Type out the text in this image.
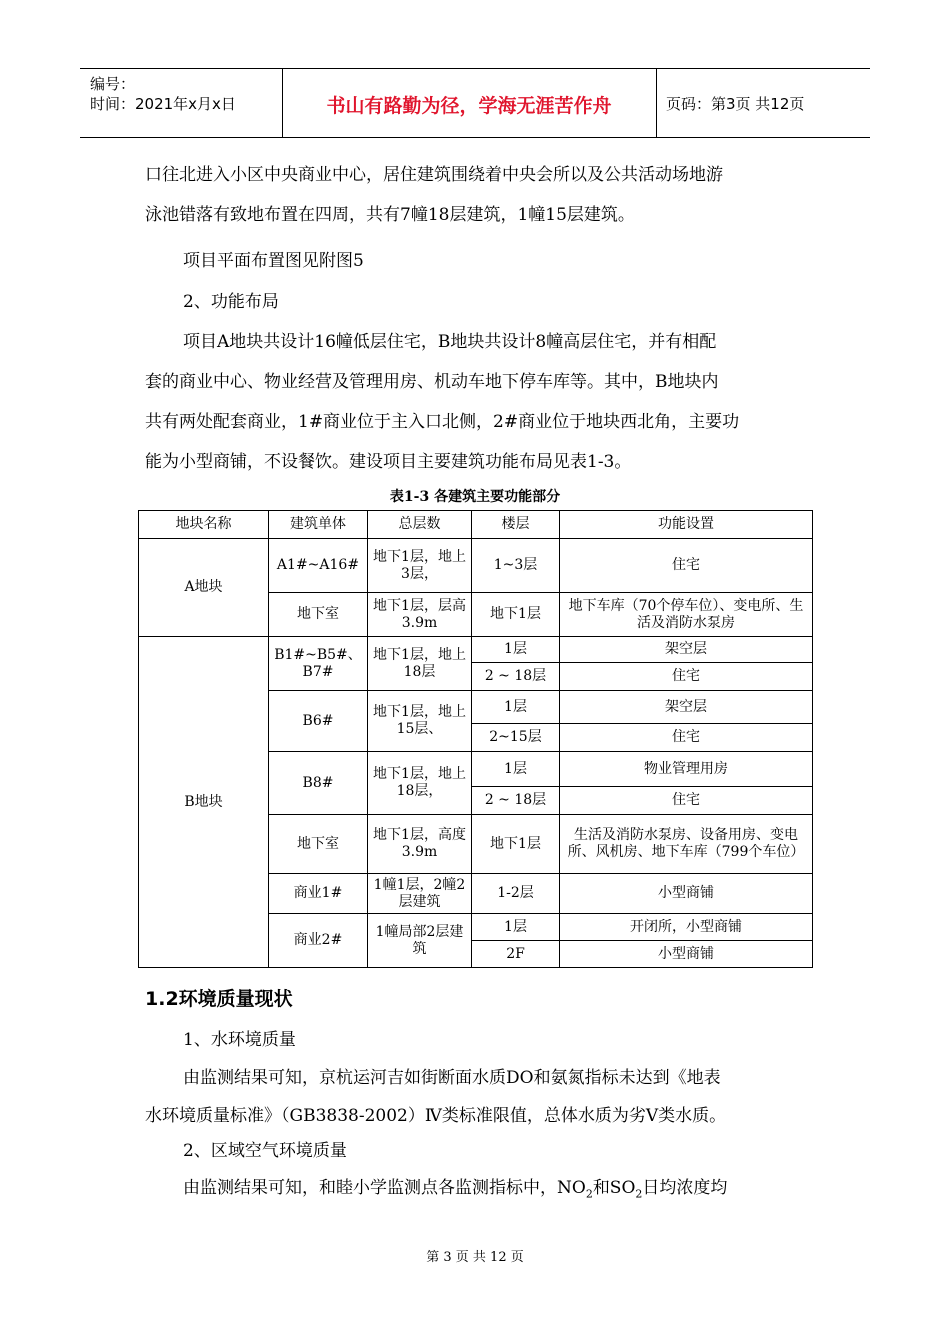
编号：
时间：2021年x月x日	书山有路勤为径，学海无涯苦作舟	页码：第3页 共12页
口往北进入小区中央商业中心，居住建筑围绕着中央会所以及公共活动场地游
泳池错落有致地布置在四周，共有7幢18层建筑，1幢15层建筑。
项目平面布置图见附图5
2、功能布局
项目A地块共设计16幢低层住宅，B地块共设计8幢高层住宅，并有相配
套的商业中心、物业经营及管理用房、机动车地下停车库等。其中，B地块内
共有两处配套商业，1#商业位于主入口北侧，2#商业位于地块西北角，主要功
能为小型商铺，不设餐饮。建设项目主要建筑功能布局见表1-3。
表1-3 各建筑主要功能部分
地块名称	建筑单体	总层数	楼层	功能设置
A地块	A1#~A16#	地下1层，地上3层，	1~3层	住宅
	地下室	地下1层，层高3.9m	地下1层	地下车库（70个停车位）、变电所、生活及消防水泵房
B地块	B1#~B5#、B7#	地下1层，地上18层	1层	架空层
			2 ~ 18层	住宅
	B6#	地下1层，地上15层、	1层	架空层
			2~15层	住宅
	B8#	地下1层，地上18层，	1层	物业管理用房
			2 ~ 18层	住宅
	地下室	地下1层，高度3.9m	地下1层	生活及消防水泵房、设备用房、变电所、风机房、地下车库（799个车位）
	商业1#	1幢1层，2幢2层建筑	1-2层	小型商铺
	商业2#	1幢局部2层建筑	1层	开闭所，小型商铺
			2F	小型商铺
1.2环境质量现状
1、水环境质量
由监测结果可知，京杭运河吉如街断面水质DO和氨氮指标未达到《地表
水环境质量标准》（GB3838-2002）Ⅳ类标准限值，总体水质为劣V类水质。
2、区域空气环境质量
由监测结果可知，和睦小学监测点各监测指标中，$NO_2$和$SO_2$日均浓度均
第 3 页 共 12 页
